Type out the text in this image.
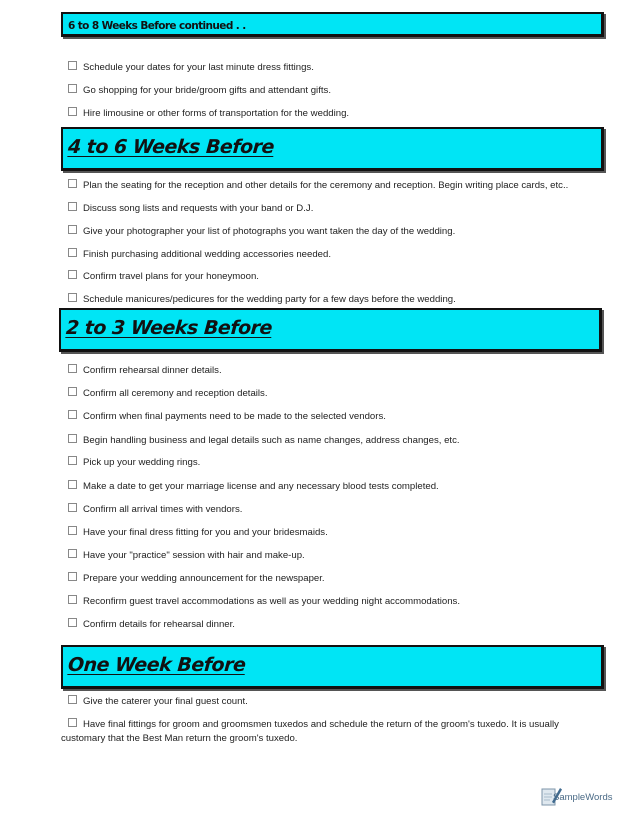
6 to 8 Weeks Before continued . .
Schedule your dates for your last minute dress fittings.
Go shopping for your bride/groom gifts and attendant gifts.
Hire limousine or other forms of transportation for the wedding.
4 to 6 Weeks Before
Plan the seating for the reception and other details for the ceremony and reception. Begin writing place cards, etc..
Discuss song lists and requests with your band or D.J.
Give your photographer your list of photographs you want taken the day of the wedding.
Finish purchasing additional wedding accessories needed.
Confirm travel plans for your honeymoon.
Schedule manicures/pedicures for the wedding party for a few days before the wedding.
2 to 3 Weeks Before
Confirm rehearsal dinner details.
Confirm all ceremony and reception details.
Confirm when final payments need to be made to the selected vendors.
Begin handling business and legal details such as name changes, address changes, etc.
Pick up your wedding rings.
Make a date to get your marriage license and any necessary blood tests completed.
Confirm all arrival times with vendors.
Have your final dress fitting for you and your bridesmaids.
Have your "practice" session with hair and make-up.
Prepare your wedding announcement for the newspaper.
Reconfirm guest travel accommodations as well as your wedding night accommodations.
Confirm details for rehearsal dinner.
One Week Before
Give the caterer your final guest count.
Have final fittings for groom and groomsmen tuxedos and schedule the return of the groom's tuxedo. It is usually customary that the Best Man return the groom's tuxedo.
SampleWords
